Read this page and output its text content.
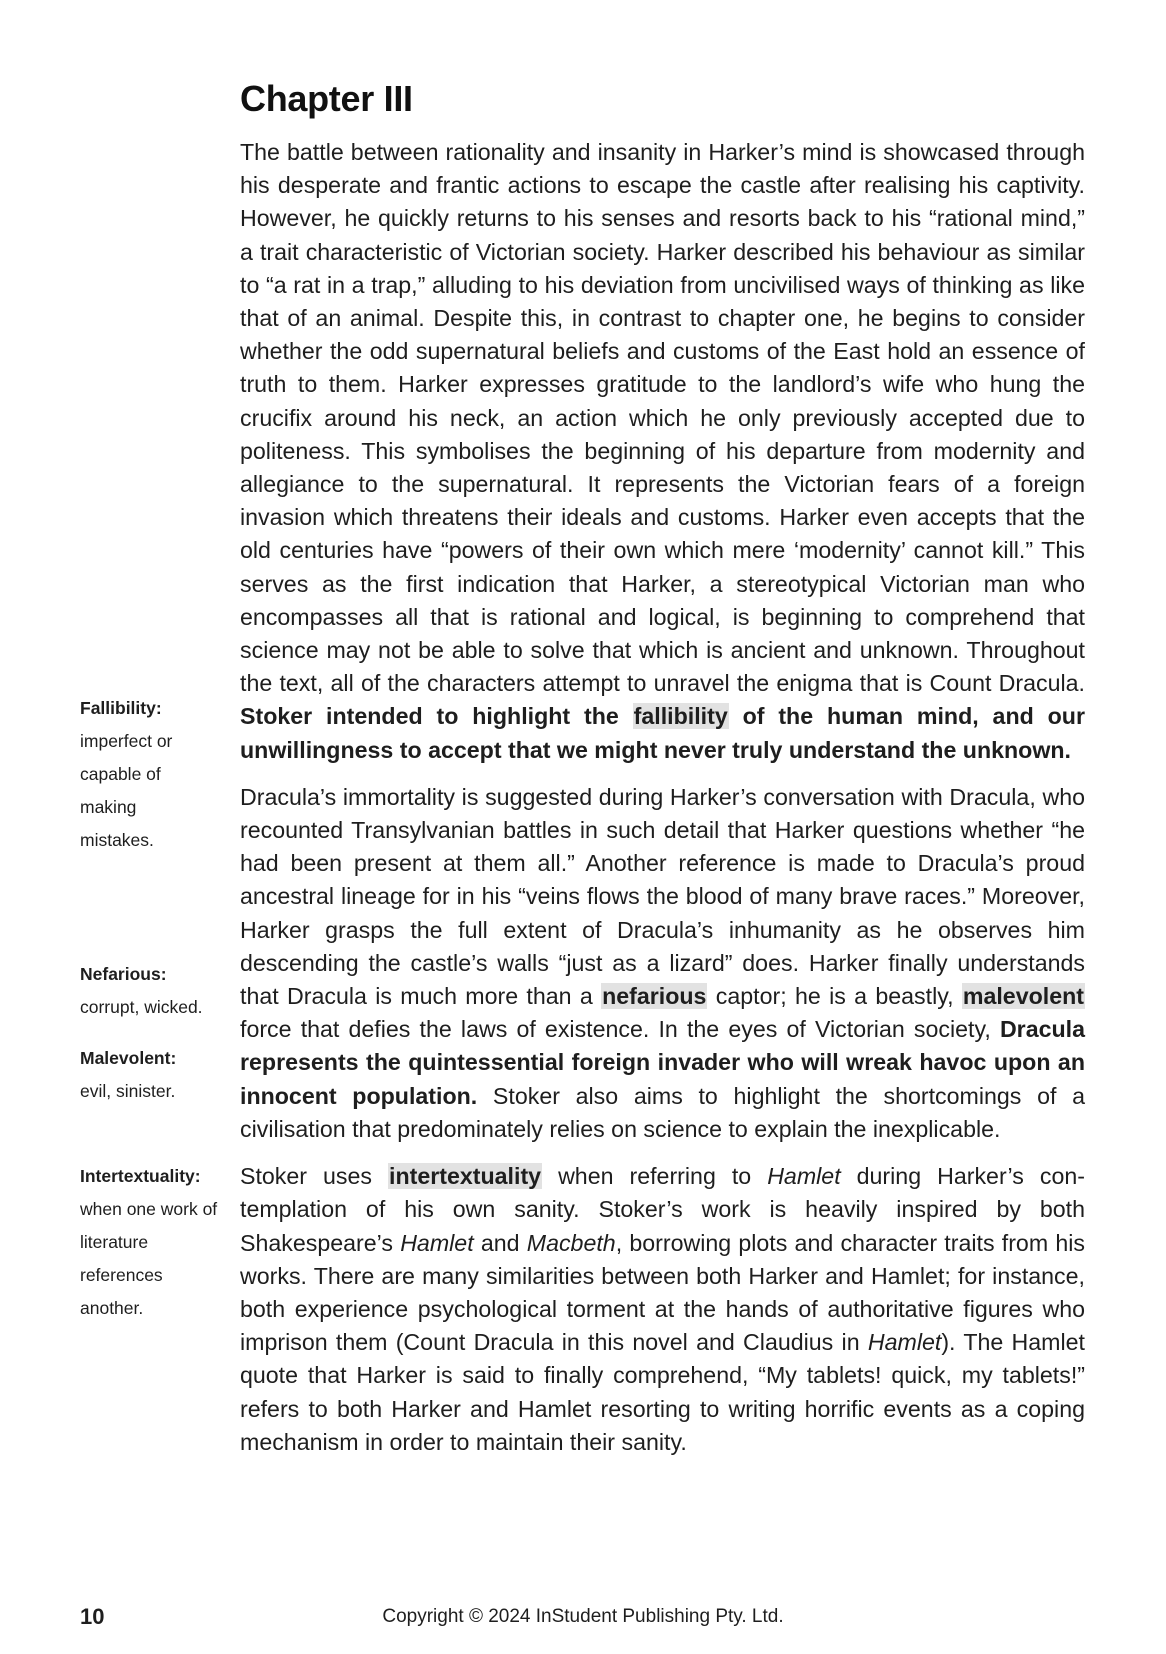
Chapter III

The battle between rationality and insanity in Harker’s mind is showcased through his desperate and frantic actions to escape the castle after realising his captivity. However, he quickly returns to his senses and resorts back to his “rational mind,” a trait characteristic of Victorian society. Harker described his behaviour as similar to “a rat in a trap,” alluding to his deviation from uncivilised ways of thinking as like that of an animal. Despite this, in contrast to chapter one, he begins to consider whether the odd supernatural beliefs and customs of the East hold an essence of truth to them. Harker expresses gratitude to the landlord’s wife who hung the crucifix around his neck, an action which he only previously accepted due to politeness. This symbolises the beginning of his departure from modernity and allegiance to the supernatural. It represents the Victorian fears of a foreign invasion which threatens their ideals and customs. Harker even accepts that the old centuries have “powers of their own which mere ‘modernity’ cannot kill.” This serves as the first indication that Harker, a stereotypical Victorian man who encompasses all that is rational and logical, is beginning to comprehend that science may not be able to solve that which is ancient and unknown. Throughout the text, all of the characters attempt to unravel the enigma that is Count Dracula. Stoker intended to highlight the fallibility of the human mind, and our unwillingness to accept that we might never truly understand the unknown.

Dracula’s immortality is suggested during Harker’s conversation with Dracula, who recounted Transylvanian battles in such detail that Harker questions whether “he had been present at them all.” Another reference is made to Dracula’s proud ancestral lineage for in his “veins flows the blood of many brave races.” Moreover, Harker grasps the full extent of Dracula’s inhumanity as he observes him descending the castle’s walls “just as a lizard” does. Harker finally understands that Dracula is much more than a nefarious captor; he is a beastly, malevolent force that defies the laws of existence. In the eyes of Victorian society, Dracula represents the quintessential foreign invader who will wreak havoc upon an innocent population. Stoker also aims to highlight the shortcomings of a civilisation that predominately relies on science to explain the inexplicable.

Stoker uses intertextuality when referring to Hamlet during Harker’s contemplation of his own sanity. Stoker’s work is heavily inspired by both Shakespeare’s Hamlet and Macbeth, borrowing plots and character traits from his works. There are many similarities between both Harker and Hamlet; for instance, both experience psychological torment at the hands of authoritative figures who imprison them (Count Dracula in this novel and Claudius in Hamlet). The Hamlet quote that Harker is said to finally comprehend, “My tablets! quick, my tablets!” refers to both Harker and Hamlet resorting to writing horrific events as a coping mechanism in order to maintain their sanity.

Fallibility:
imperfect or capable of making mistakes.
Nefarious:
corrupt, wicked.
Malevolent:
evil, sinister.
Intertextuality:
when one work of literature references another.
10	Copyright © 2024 InStudent Publishing Pty. Ltd.
